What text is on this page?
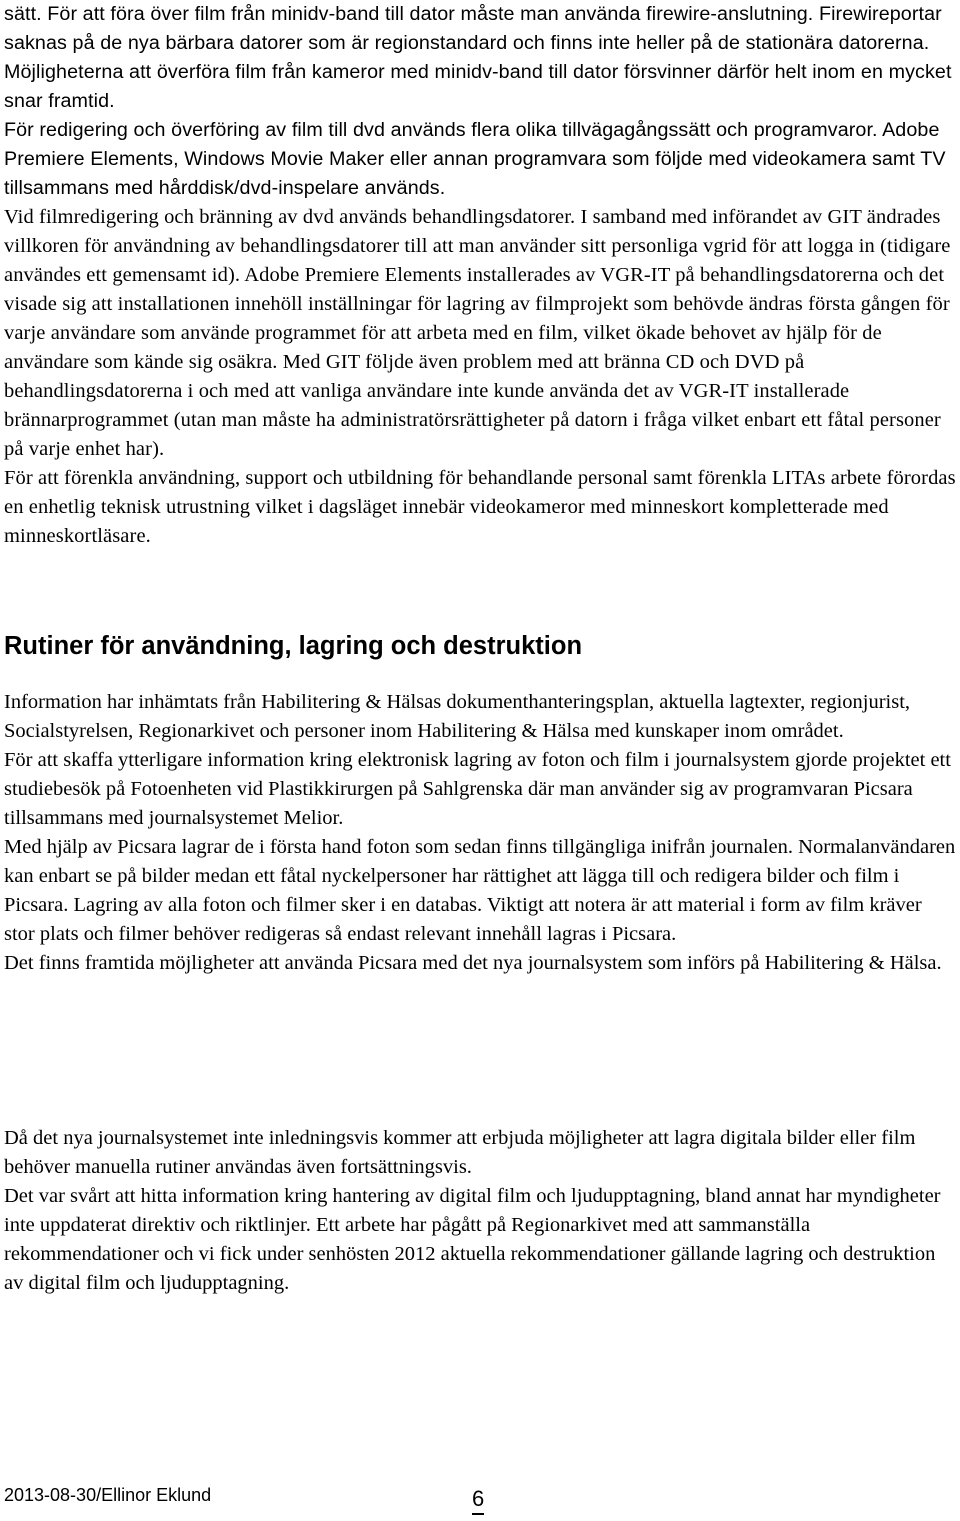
sätt. För att föra över film från minidv-band till dator måste man använda firewire-anslutning. Firewireportar saknas på de nya bärbara datorer som är regionstandard och finns inte heller på de stationära datorerna. Möjligheterna att överföra film från kameror med minidv-band till dator försvinner därför helt inom en mycket snar framtid.

För redigering och överföring av film till dvd används flera olika tillvägagångssätt och programvaror. Adobe Premiere Elements, Windows Movie Maker eller annan programvara som följde med videokamera samt TV tillsammans med hårddisk/dvd-inspelare används.

Vid filmredigering och bränning av dvd används behandlingsdatorer. I samband med införandet av GIT ändrades villkoren för användning av behandlingsdatorer till att man använder sitt personliga vgrid för att logga in (tidigare användes ett gemensamt id). Adobe Premiere Elements installerades av VGR-IT på behandlingsdatorerna och det visade sig att installationen innehöll inställningar för lagring av filmprojekt som behövde ändras första gången för varje användare som använde programmet för att arbeta med en film, vilket ökade behovet av hjälp för de användare som kände sig osäkra. Med GIT följde även problem med att bränna CD och DVD på behandlingsdatorerna i och med att vanliga användare inte kunde använda det av VGR-IT installerade brännarprogrammet (utan man måste ha administratörsrättigheter på datorn i fråga vilket enbart ett fåtal personer på varje enhet har).

För att förenkla användning, support och utbildning för behandlande personal samt förenkla LITAs arbete förordas en enhetlig teknisk utrustning vilket i dagsläget innebär videokameror med minneskort kompletterade med minneskortläsare.

Rutiner för användning, lagring och destruktion

Information har inhämtats från Habilitering & Hälsas dokumenthanteringsplan, aktuella lagtexter, regionjurist, Socialstyrelsen, Regionarkivet och personer inom Habilitering & Hälsa med kunskaper inom området.

För att skaffa ytterligare information kring elektronisk lagring av foton och film i journalsystem gjorde projektet ett studiebesök på Fotoenheten vid Plastikkirurgen på Sahlgrenska där man använder sig av programvaran Picsara tillsammans med journalsystemet Melior.

Med hjälp av Picsara lagrar de i första hand foton som sedan finns tillgängliga inifrån journalen. Normalanvändaren kan enbart se på bilder medan ett fåtal nyckelpersoner har rättighet att lägga till och redigera bilder och film i Picsara. Lagring av alla foton och filmer sker i en databas. Viktigt att notera är att material i form av film kräver stor plats och filmer behöver redigeras så endast relevant innehåll lagras i Picsara.

Det finns framtida möjligheter att använda Picsara med det nya journalsystem som införs på Habilitering & Hälsa.

Då det nya journalsystemet inte inledningsvis kommer att erbjuda möjligheter att lagra digitala bilder eller film behöver manuella rutiner användas även fortsättningsvis.

Det var svårt att hitta information kring hantering av digital film och ljudupptagning, bland annat har myndigheter inte uppdaterat direktiv och riktlinjer. Ett arbete har pågått på Regionarkivet med att sammanställa rekommendationer och vi fick under senhösten 2012 aktuella rekommendationer gällande lagring och destruktion av digital film och ljudupptagning.

2013-08-30/Ellinor Eklund	6
